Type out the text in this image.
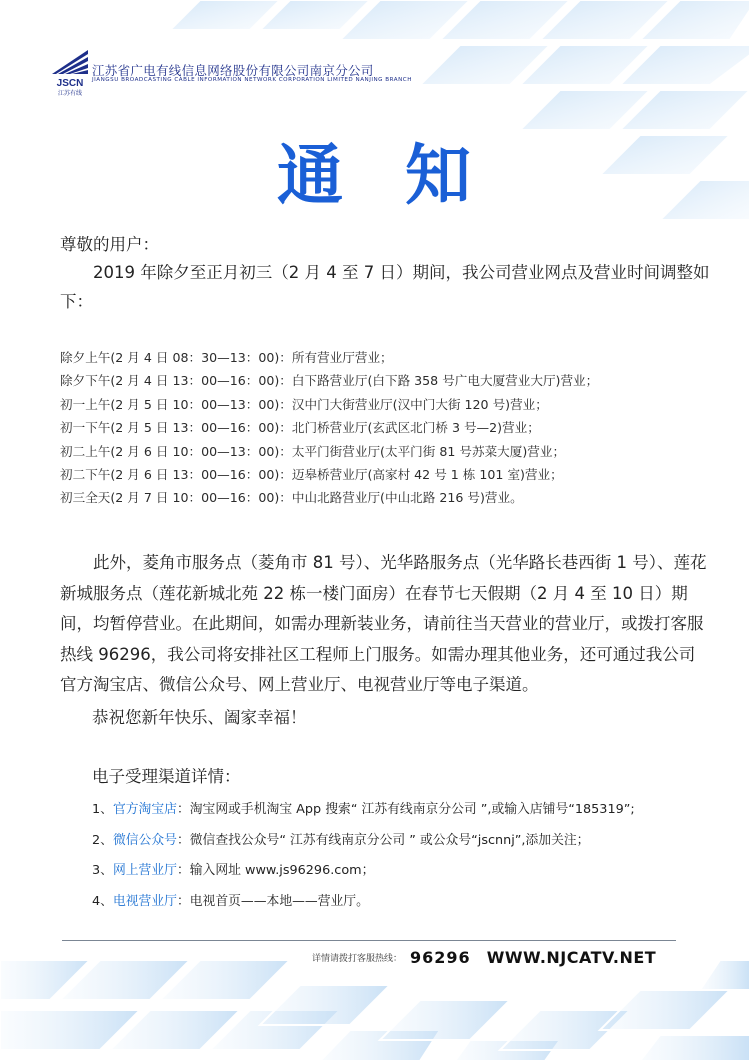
JSCN
江苏有线
江苏省广电有线信息网络股份有限公司南京分公司
JIANGSU BROADCASTING CABLE INFORMATION NETWORK CORPORATION LIMITED NANJING BRANCH
通 知
尊敬的用户：
2019 年除夕至正月初三（2 月 4 至 7 日）期间，我公司营业网点及营业时间调整如下：
除夕上午(2 月 4 日 08：30—13：00)：所有营业厅营业；
除夕下午(2 月 4 日 13：00—16：00)：白下路营业厅(白下路 358 号广电大厦营业大厅)营业；
初一上午(2 月 5 日 10：00—13：00)：汉中门大街营业厅(汉中门大街 120 号)营业；
初一下午(2 月 5 日 13：00—16：00)：北门桥营业厅(玄武区北门桥 3 号—2)营业；
初二上午(2 月 6 日 10：00—13：00)：太平门街营业厅(太平门街 81 号苏菜大厦)营业；
初二下午(2 月 6 日 13：00—16：00)：迈皋桥营业厅(高家村 42 号 1 栋 101 室)营业；
初三全天(2 月 7 日 10：00—16：00)：中山北路营业厅(中山北路 216 号)营业。
此外，菱角市服务点（菱角市 81 号）、光华路服务点（光华路长巷西街 1 号）、莲花新城服务点（莲花新城北苑 22 栋一楼门面房）在春节七天假期（2 月 4 至 10 日）期间，均暂停营业。在此期间，如需办理新装业务，请前往当天营业的营业厅，或拨打客服热线 96296，我公司将安排社区工程师上门服务。如需办理其他业务，还可通过我公司官方淘宝店、微信公众号、网上营业厅、电视营业厅等电子渠道。
恭祝您新年快乐、阖家幸福！
电子受理渠道详情：
1、官方淘宝店：淘宝网或手机淘宝 App 搜索“ 江苏有线南京分公司 ”,或输入店铺号“185319”;
2、微信公众号：微信查找公众号“ 江苏有线南京分公司 ” 或公众号“jscnnj”,添加关注；
3、网上营业厅：输入网址 www.js96296.com；
4、电视营业厅：电视首页——本地——营业厅。
详情请拨打客服热线： 96296 WWW.NJCATV.NET
